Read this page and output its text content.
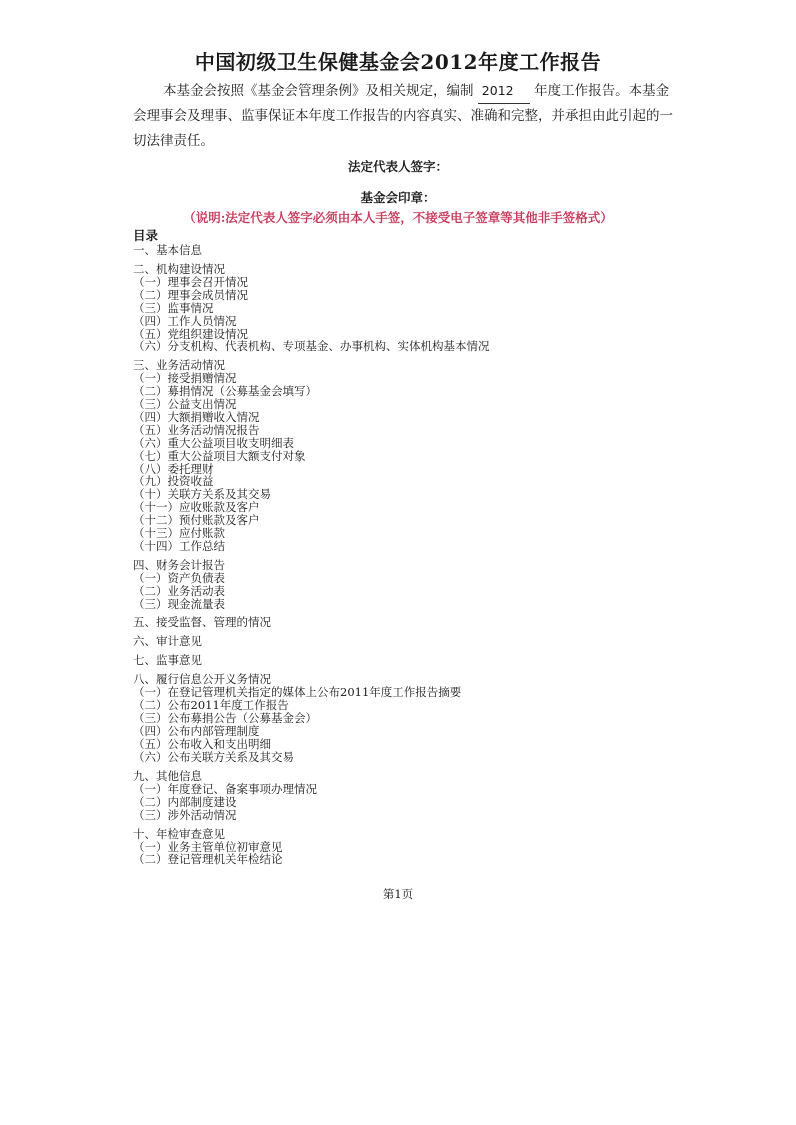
中国初级卫生保健基金会2012年度工作报告
本基金会按照《基金会管理条例》及相关规定，编制 2012 年度工作报告。本基金会理事会及理事、监事保证本年度工作报告的内容真实、准确和完整，并承担由此引起的一切法律责任。
法定代表人签字：
基金会印章：
（说明:法定代表人签字必须由本人手签，不接受电子签章等其他非手签格式）
目录
一、基本信息
二、机构建设情况
（一）理事会召开情况
（二）理事会成员情况
（三）监事情况
（四）工作人员情况
（五）党组织建设情况
（六）分支机构、代表机构、专项基金、办事机构、实体机构基本情况
三、业务活动情况
（一）接受捐赠情况
（二）募捐情况（公募基金会填写）
（三）公益支出情况
（四）大额捐赠收入情况
（五）业务活动情况报告
（六）重大公益项目收支明细表
（七）重大公益项目大额支付对象
（八）委托理财
（九）投资收益
（十）关联方关系及其交易
（十一）应收账款及客户
（十二）预付账款及客户
（十三）应付账款
（十四）工作总结
四、财务会计报告
（一）资产负债表
（二）业务活动表
（三）现金流量表
五、接受监督、管理的情况
六、审计意见
七、监事意见
八、履行信息公开义务情况
（一）在登记管理机关指定的媒体上公布2011年度工作报告摘要
（二）公布2011年度工作报告
（三）公布募捐公告（公募基金会）
（四）公布内部管理制度
（五）公布收入和支出明细
（六）公布关联方关系及其交易
九、其他信息
（一）年度登记、备案事项办理情况
（二）内部制度建设
（三）涉外活动情况
十、年检审查意见
（一）业务主管单位初审意见
（二）登记管理机关年检结论
第1页
